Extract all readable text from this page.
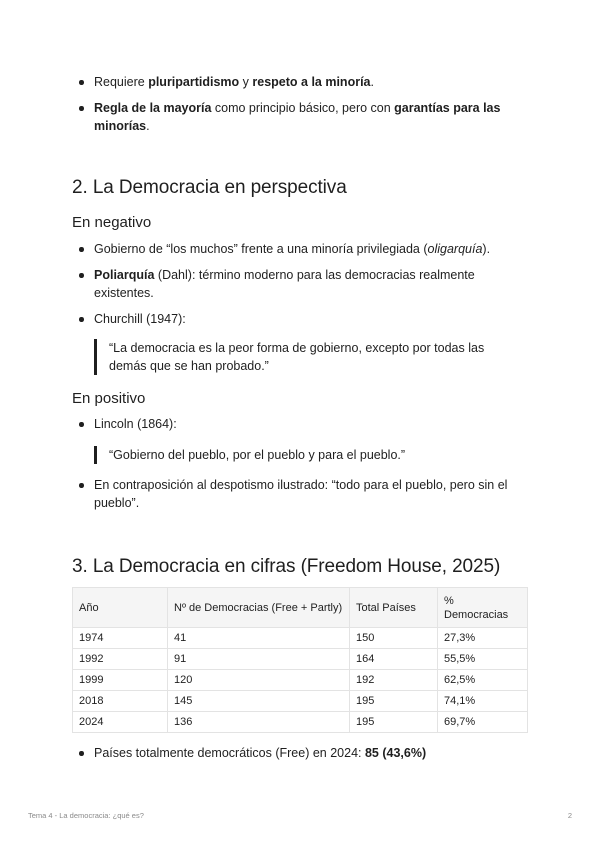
Requiere pluripartidismo y respeto a la minoría.
Regla de la mayoría como principio básico, pero con garantías para las minorías.
2. La Democracia en perspectiva
En negativo
Gobierno de “los muchos” frente a una minoría privilegiada (oligarquía).
Poliarquía (Dahl): término moderno para las democracias realmente existentes.
Churchill (1947):
“La democracia es la peor forma de gobierno, excepto por todas las demás que se han probado.”
En positivo
Lincoln (1864):
“Gobierno del pueblo, por el pueblo y para el pueblo.”
En contraposición al despotismo ilustrado: “todo para el pueblo, pero sin el pueblo”.
3. La Democracia en cifras (Freedom House, 2025)
Año	Nº de Democracias (Free + Partly)	Total Países	% Democracias
1974	41	150	27,3%
1992	91	164	55,5%
1999	120	192	62,5%
2018	145	195	74,1%
2024	136	195	69,7%
Países totalmente democráticos (Free) en 2024: 85 (43,6%)
Tema 4 - La democracia: ¿qué es?	2
